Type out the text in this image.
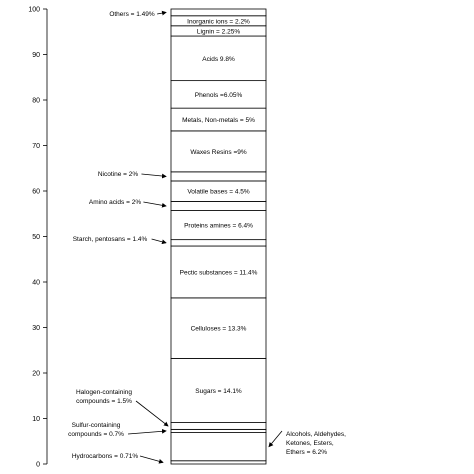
0
10
20
30
40
50
60
70
80
90
100
Sugars = 14.1%
Celluloses = 13.3%
Pectic substances = 11.4%
Proteins amines = 6.4%
Volatile bases = 4.5%
Waxes Resins =9%
Metals, Non-metals = 5%
Phenols =6.05%
Acids 9.8%
Lignin = 2.25%
Inorganic ions = 2.2%
Hydrocarbons = 0.71%
Alcohols, Aldehydes,
Ketones, Esters,
Ethers = 6.2%
Sulfur-containing
compounds = 0.7%
Halogen-containing
compounds = 1.5%
Starch, pentosans = 1.4%
Amino acids = 2%
Nicotine = 2%
Others = 1.49%
